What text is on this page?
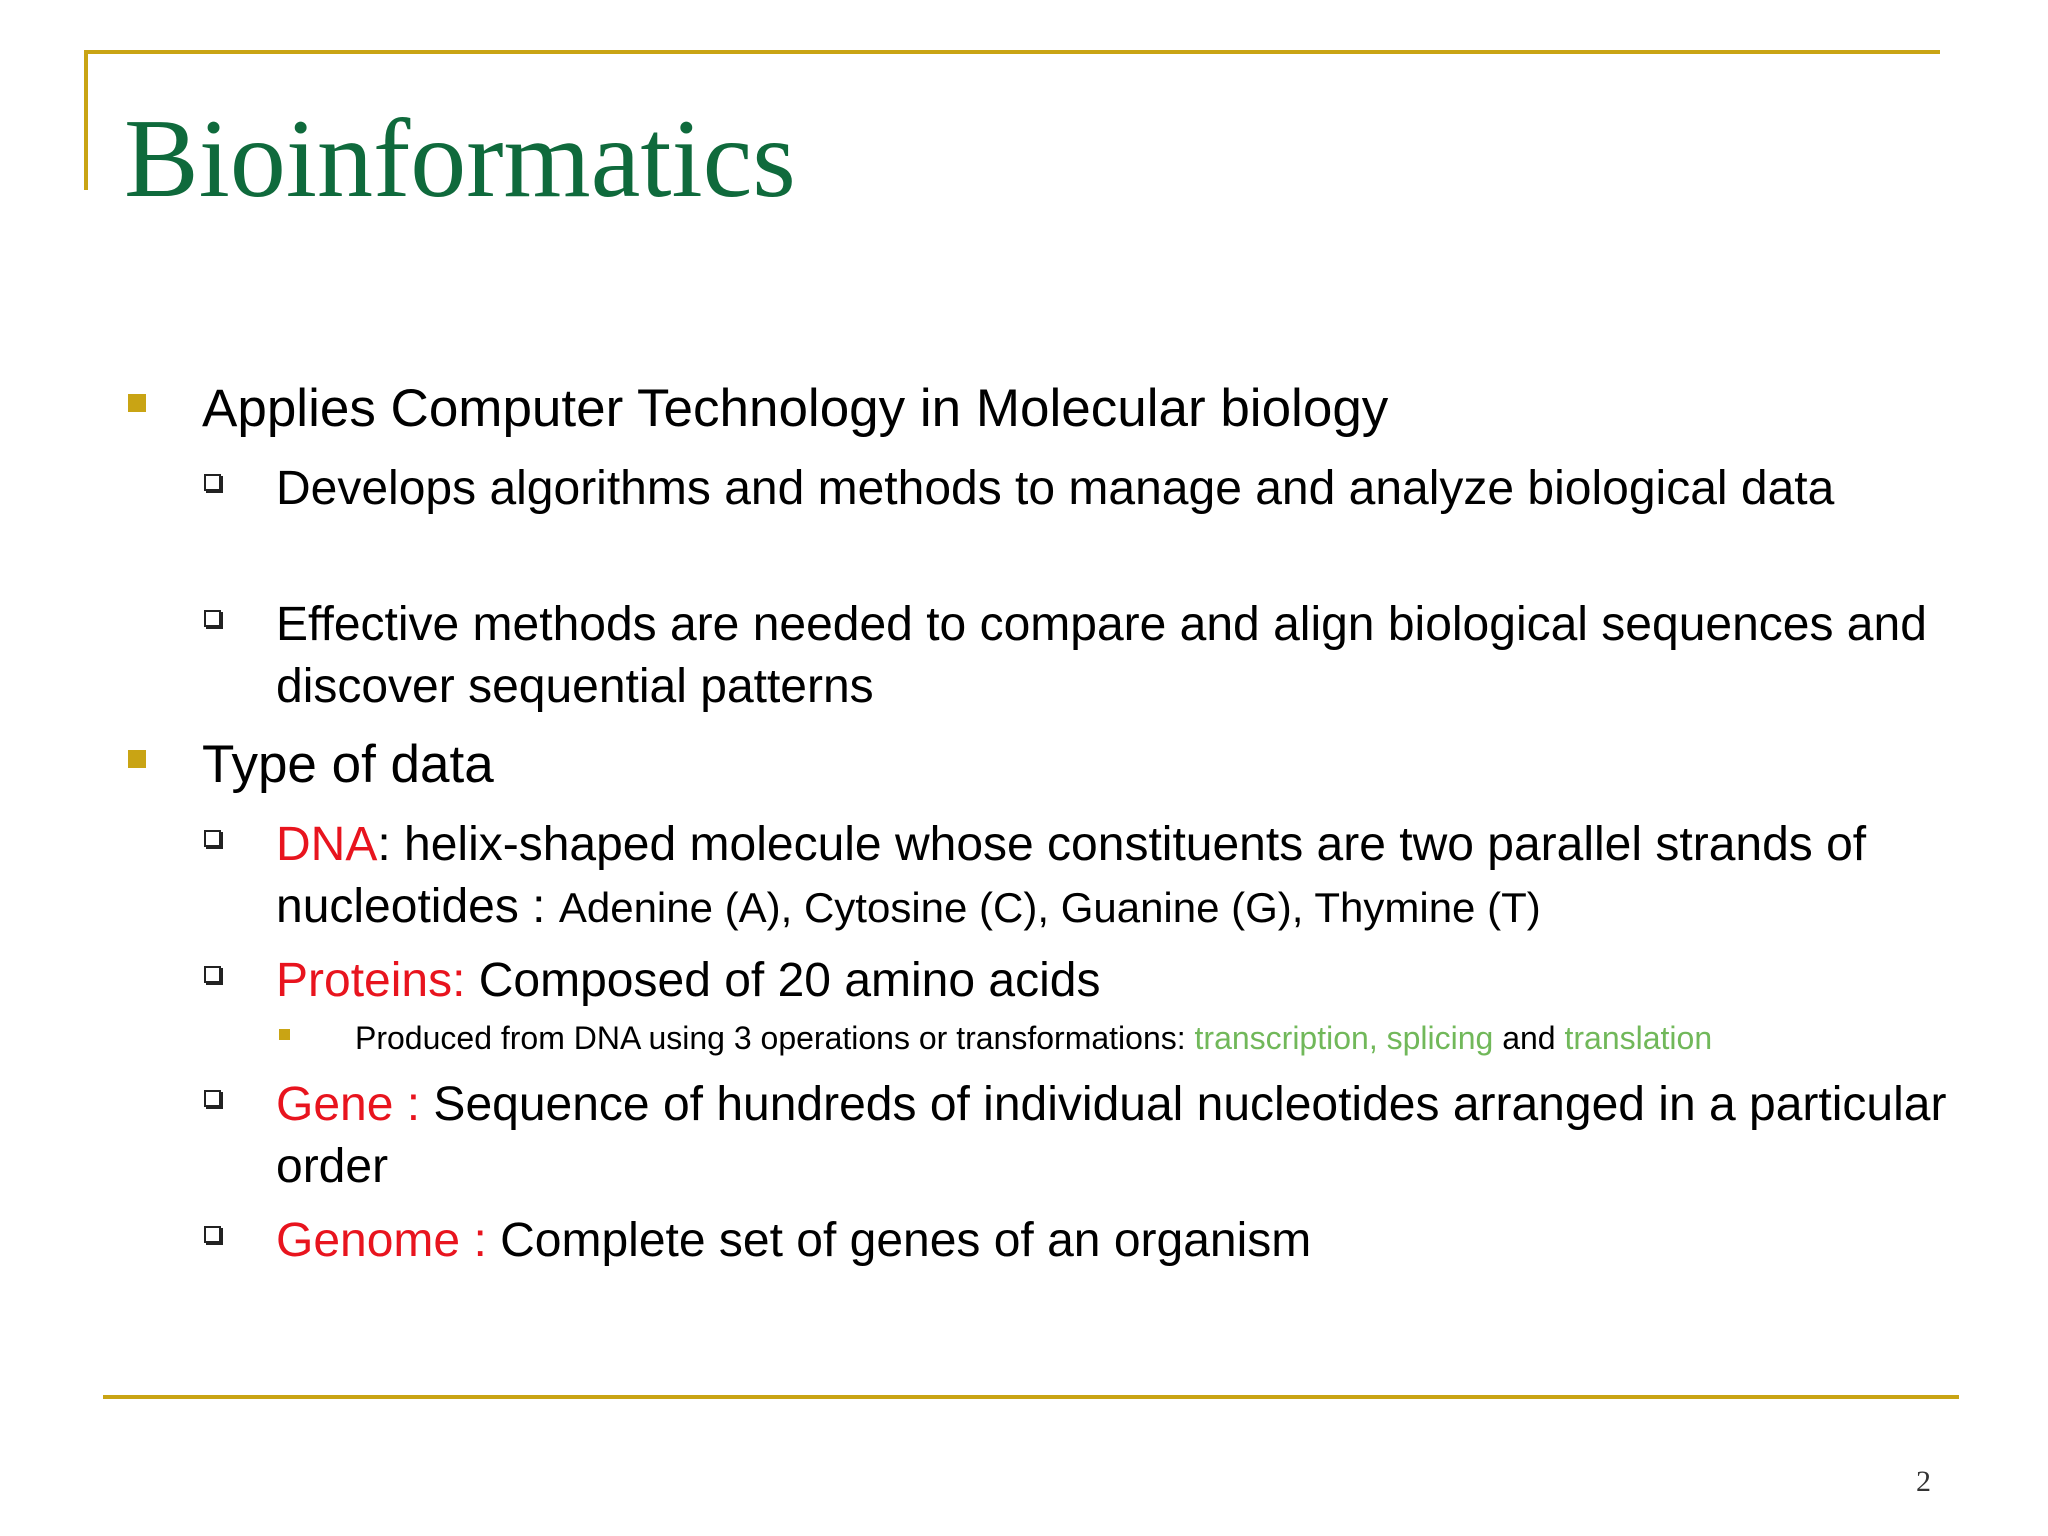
Bioinformatics
Applies Computer Technology in Molecular biology
Develops algorithms and methods to manage and analyze biological data
Effective methods are needed to compare and align biological sequences and discover sequential patterns
Type of data
DNA: helix-shaped molecule whose constituents are two parallel strands of nucleotides : Adenine (A), Cytosine (C), Guanine (G), Thymine (T)
Proteins: Composed of 20 amino acids
Produced from DNA using 3 operations or transformations: transcription, splicing and translation
Gene : Sequence of hundreds of individual nucleotides arranged in a particular order
Genome : Complete set of genes of an organism
2
